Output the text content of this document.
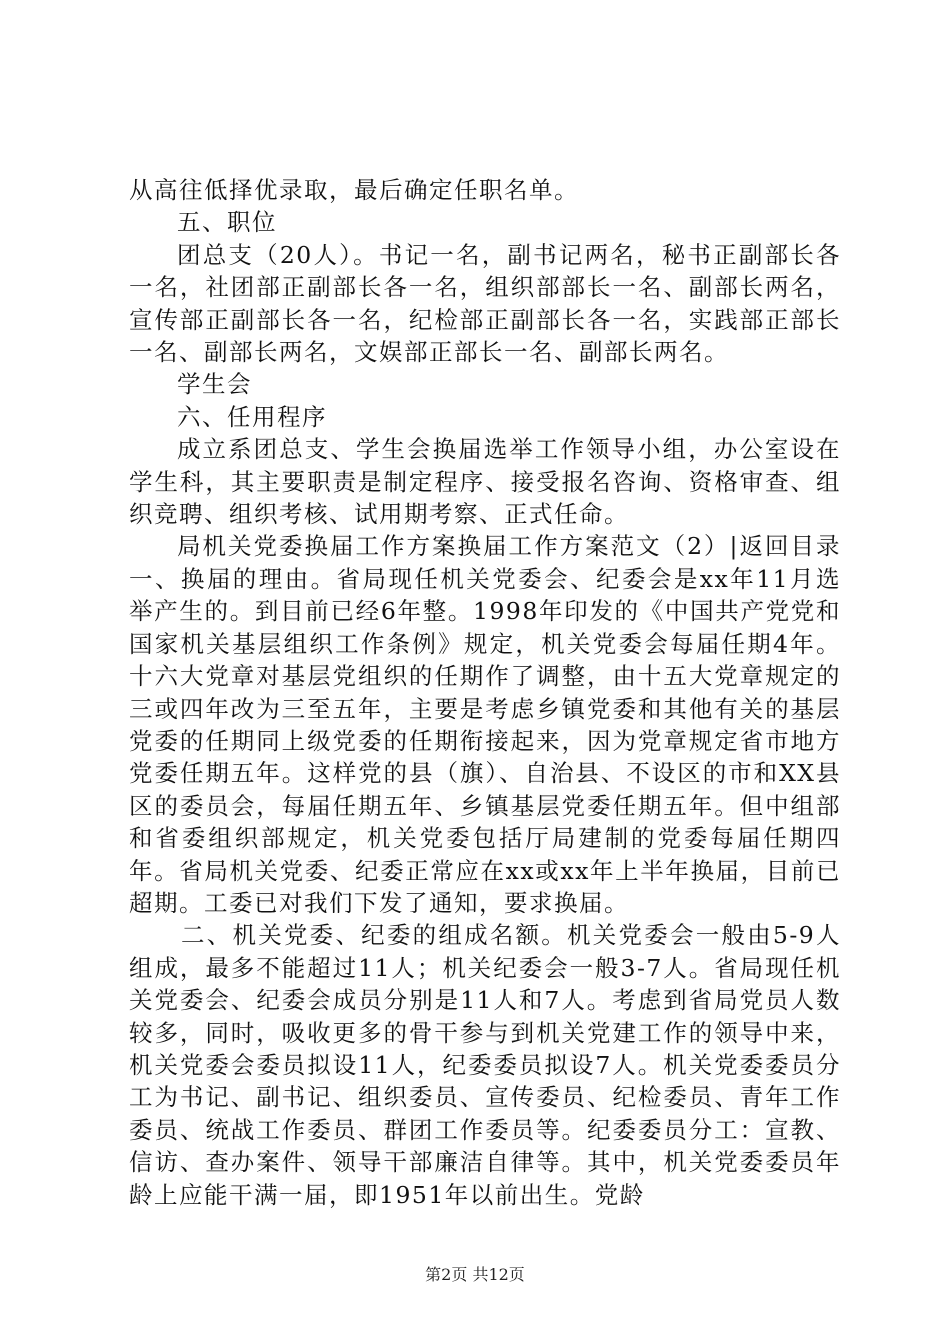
从高往低择优录取，最后确定任职名单。

五、职位

团总支（20人）。书记一名，副书记两名，秘书正副部长各一名，社团部正副部长各一名，组织部部长一名、副部长两名，宣传部正副部长各一名，纪检部正副部长各一名，实践部正部长一名、副部长两名，文娱部正部长一名、副部长两名。

学生会

六、任用程序

成立系团总支、学生会换届选举工作领导小组，办公室设在学生科，其主要职责是制定程序、接受报名咨询、资格审查、组织竞聘、组织考核、试用期考察、正式任命。

局机关党委换届工作方案换届工作方案范文（2）|返回目录一、换届的理由。省局现任机关党委会、纪委会是xx年11月选举产生的。到目前已经6年整。1998年印发的《中国共产党党和国家机关基层组织工作条例》规定，机关党委会每届任期4年。十六大党章对基层党组织的任期作了调整，由十五大党章规定的三或四年改为三至五年，主要是考虑乡镇党委和其他有关的基层党委的任期同上级党委的任期衔接起来，因为党章规定省市地方党委任期五年。这样党的县（旗）、自治县、不设区的市和XX县区的委员会，每届任期五年、乡镇基层党委任期五年。但中组部和省委组织部规定，机关党委包括厅局建制的党委每届任期四年。省局机关党委、纪委正常应在xx或xx年上半年换届，目前已超期。工委已对我们下发了通知，要求换届。

二、机关党委、纪委的组成名额。机关党委会一般由5-9人组成，最多不能超过11人；机关纪委会一般3-7人。省局现任机关党委会、纪委会成员分别是11人和7人。考虑到省局党员人数较多，同时，吸收更多的骨干参与到机关党建工作的领导中来，机关党委会委员拟设11人，纪委委员拟设7人。机关党委委员分工为书记、副书记、组织委员、宣传委员、纪检委员、青年工作委员、统战工作委员、群团工作委员等。纪委委员分工：宣教、信访、查办案件、领导干部廉洁自律等。其中，机关党委委员年龄上应能干满一届，即1951年以前出生。党龄

第2页 共12页
